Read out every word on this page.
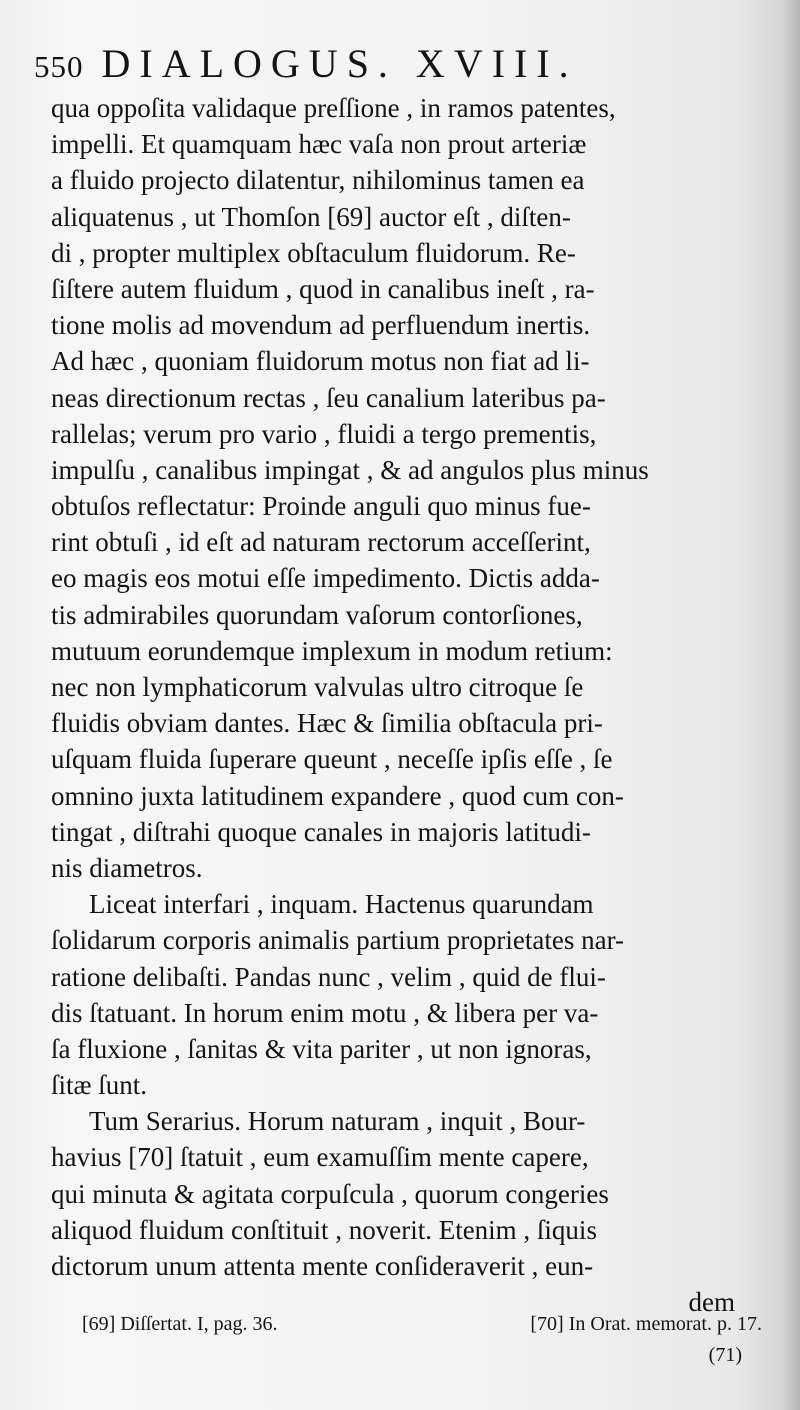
550 DIALOGUS. XVIII.
qua oppoſita validaque preſſione , in ramos patentes,
impelli. Et quamquam hæc vaſa non prout arteriæ
a fluido projecto dilatentur, nihilominus tamen ea
aliquatenus , ut Thomſon [69] auctor eſt , diſten-
di , propter multiplex obſtaculum fluidorum. Re-
ſiſtere autem fluidum , quod in canalibus ineſt , ra-
tione molis ad movendum ad perfluendum inertis.
Ad hæc , quoniam fluidorum motus non fiat ad li-
neas directionum rectas , ſeu canalium lateribus pa-
rallelas; verum pro vario , fluidi a tergo prementis,
impulſu , canalibus impingat , & ad angulos plus minus
obtuſos reflectatur: Proinde anguli quo minus fue-
rint obtuſi , id eſt ad naturam rectorum acceſſerint,
eo magis eos motui eſſe impedimento. Dictis adda-
tis admirabiles quorundam vaſorum contorſiones,
mutuum eorundemque implexum in modum retium:
nec non lymphaticorum valvulas ultro citroque ſe
fluidis obviam dantes. Hæc & ſimilia obſtacula pri-
uſquam fluida ſuperare queunt , neceſſe ipſis eſſe , ſe
omnino juxta latitudinem expandere , quod cum con-
tingat , diſtrahi quoque canales in majoris latitudi-
nis diametros.
Liceat interfari , inquam. Hactenus quarundam
ſolidarum corporis animalis partium proprietates nar-
ratione delibaſti. Pandas nunc , velim , quid de flui-
dis ſtatuant. In horum enim motu , & libera per va-
ſa fluxione , ſanitas & vita pariter , ut non ignoras,
ſitæ ſunt.
Tum Serarius. Horum naturam , inquit , Bour-
havius [70] ſtatuit , eum examuſſim mente capere,
qui minuta & agitata corpuſcula , quorum congeries
aliquod fluidum conſtituit , noverit. Etenim , ſiquis
dictorum unum attenta mente conſideraverit , eun-
dem
[69] Diſſertat. I, pag. 36.	[70] In Orat. memorat. p. 17.
(71)
